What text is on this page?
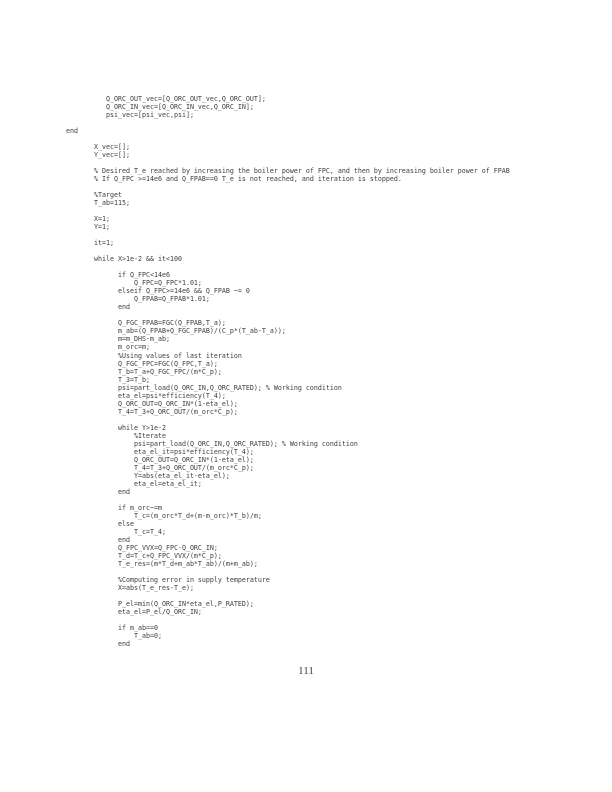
Q_ORC_OUT_vec=[Q_ORC_OUT_vec,Q_ORC_OUT];
Q_ORC_IN_vec=[Q_ORC_IN_vec,Q_ORC_IN];
psi_vec=[psi_vec,psi];

end

X_vec=[];
Y_vec=[];

% Desired T_e reached by increasing the boiler power of FPC, and then by increasing boiler power of FPAB
% If Q_FPC >=14e6 and Q_FPAB==0 T_e is not reached, and iteration is stopped.

%Target
T_ab=115;

X=1;
Y=1;

it=1;

while X>1e-2 && it<100

if Q_FPC<14e6
Q_FPC=Q_FPC*1.01;
elseif Q_FPC>=14e6 && Q_FPAB ~= 0
Q_FPAB=Q_FPAB*1.01;
end

Q_FGC_FPAB=FGC(Q_FPAB,T_a);
m_ab=(Q_FPAB+Q_FGC_FPAB)/(C_p*(T_ab-T_a));
m=m_DHS-m_ab;
m_orc=m;
%Using values of last iteration
Q_FGC_FPC=FGC(Q_FPC,T_a);
T_b=T_a+Q_FGC_FPC/(m*C_p);
T_3=T_b;
psi=part_load(Q_ORC_IN,Q_ORC_RATED); % Working condition
eta_el=psi*efficiency(T_4);
Q_ORC_OUT=Q_ORC_IN*(1-eta_el);
T_4=T_3+Q_ORC_OUT/(m_orc*C_p);

while Y>1e-2
%Iterate
psi=part_load(Q_ORC_IN,Q_ORC_RATED); % Working condition
eta_el_it=psi*efficiency(T_4);
Q_ORC_OUT=Q_ORC_IN*(1-eta_el);
T_4=T_3+Q_ORC_OUT/(m_orc*C_p);
Y=abs(eta_el_it-eta_el);
eta_el=eta_el_it;
end

if m_orc~=m
T_c=(m_orc*T_d+(m-m_orc)*T_b)/m;
else
T_c=T_4;
end
Q_FPC_VVX=Q_FPC-Q_ORC_IN;
T_d=T_c+Q_FPC_VVX/(m*C_p);
T_e_res=(m*T_d+m_ab*T_ab)/(m+m_ab);

%Computing error in supply temperature
X=abs(T_e_res-T_e);

P_el=min(Q_ORC_IN*eta_el,P_RATED);
eta_el=P_el/Q_ORC_IN;

if m_ab==0
T_ab=0;
end
111
